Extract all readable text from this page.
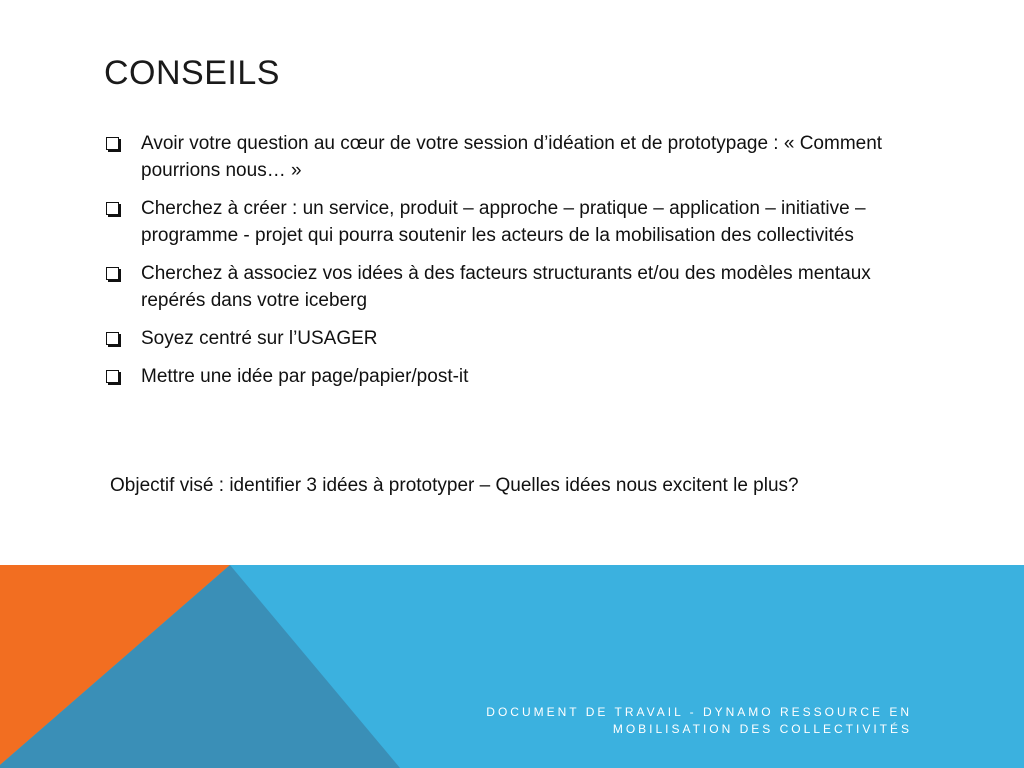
CONSEILS
Avoir votre question au cœur de votre session d’idéation et de prototypage : « Comment pourrions nous… »
Cherchez à créer : un service, produit – approche – pratique – application – initiative – programme - projet qui pourra soutenir les acteurs de la mobilisation des collectivités
Cherchez à associez vos idées à des facteurs structurants et/ou des modèles mentaux repérés dans votre iceberg
Soyez centré sur l’USAGER
Mettre une idée par page/papier/post-it

Objectif visé : identifier 3 idées à prototyper – Quelles idées nous excitent le plus?

DOCUMENT DE TRAVAIL - DYNAMO RESSOURCE EN
MOBILISATION DES COLLECTIVITÉS
